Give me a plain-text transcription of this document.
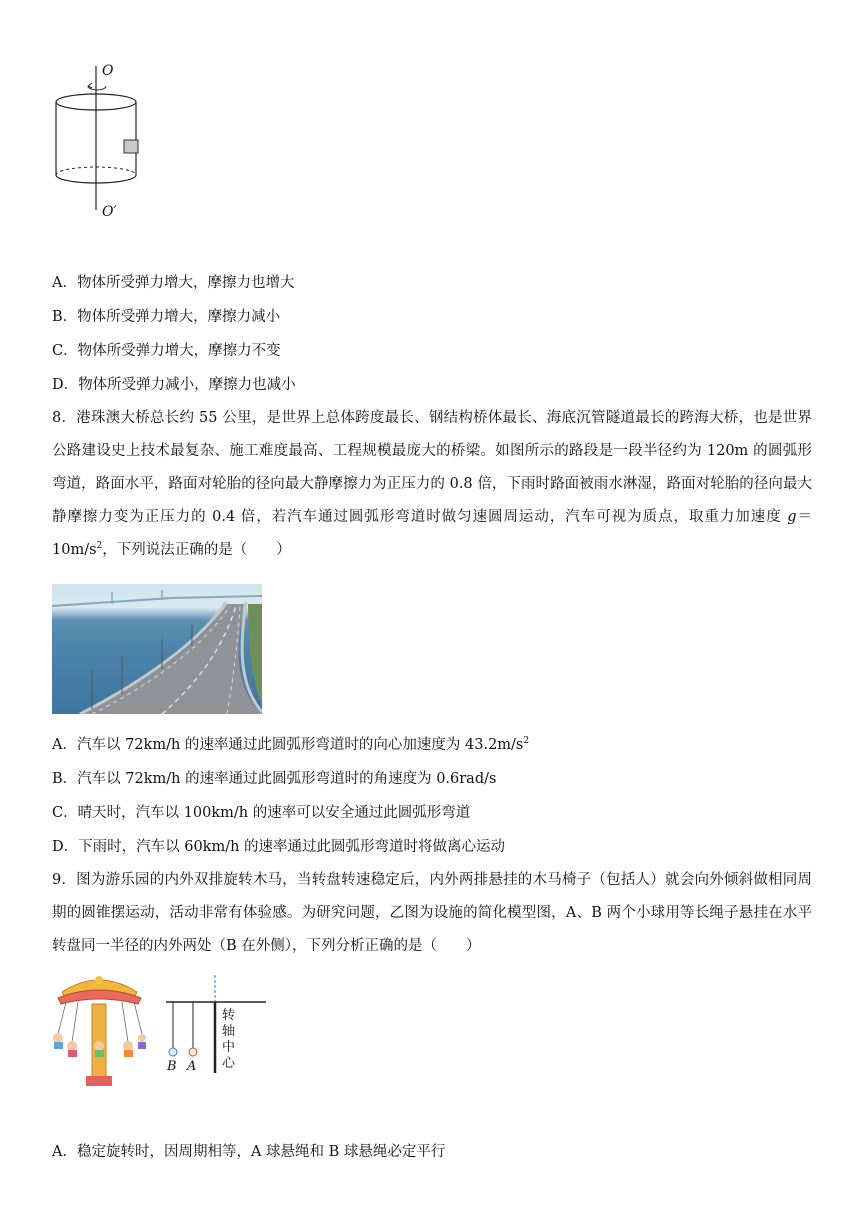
O
O′
A．物体所受弹力增大，摩擦力也增大
B．物体所受弹力增大，摩擦力减小
C．物体所受弹力增大，摩擦力不变
D．物体所受弹力减小，摩擦力也减小
8．港珠澳大桥总长约 55 公里，是世界上总体跨度最长、钢结构桥体最长、海底沉管隧道最长的跨海大桥，也是世界公路建设史上技术最复杂、施工难度最高、工程规模最庞大的桥梁。如图所示的路段是一段半径约为 120m 的圆弧形弯道，路面水平，路面对轮胎的径向最大静摩擦力为正压力的 0.8 倍，下雨时路面被雨水淋湿，路面对轮胎的径向最大静摩擦力变为正压力的 0.4 倍，若汽车通过圆弧形弯道时做匀速圆周运动，汽车可视为质点，取重力加速度 $g=10m/s^2$，下列说法正确的是（　　）
A．汽车以 72km/h 的速率通过此圆弧形弯道时的向心加速度为 $43.2m/s^2$
B．汽车以 72km/h 的速率通过此圆弧形弯道时的角速度为 0.6rad/s
C．晴天时，汽车以 100km/h 的速率可以安全通过此圆弧形弯道
D．下雨时，汽车以 60km/h 的速率通过此圆弧形弯道时将做离心运动
9．图为游乐园的内外双排旋转木马，当转盘转速稳定后，内外两排悬挂的木马椅子（包括人）就会向外倾斜做相同周期的圆锥摆运动，活动非常有体验感。为研究问题，乙图为设施的简化模型图，A、B 两个小球用等长绳子悬挂在水平转盘同一半径的内外两处（B 在外侧），下列分析正确的是（　　）
B A
转轴中心
A．稳定旋转时，因周期相等，A 球悬绳和 B 球悬绳必定平行
